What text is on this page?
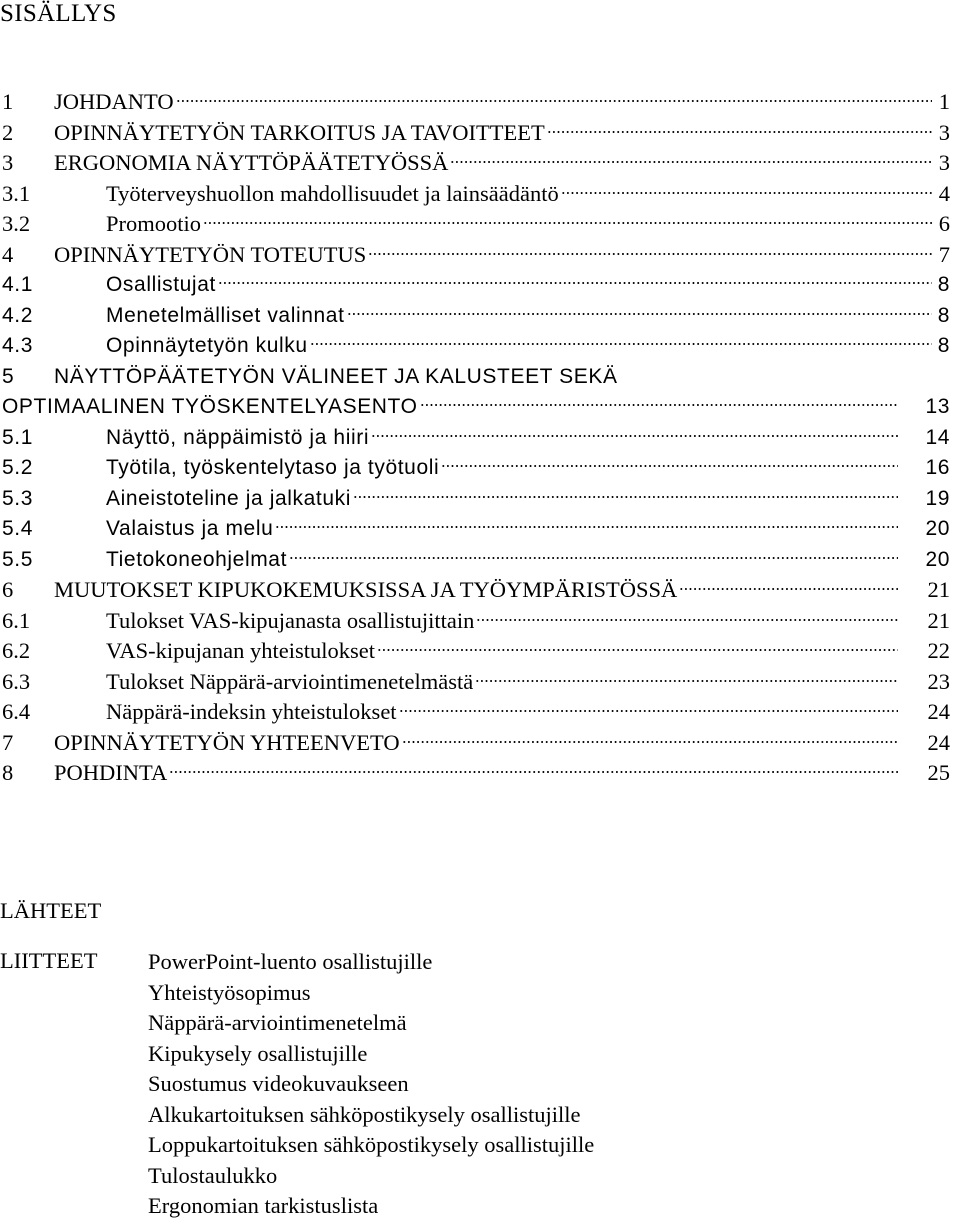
SISÄLLYS
1	JOHDANTO	1
2	OPINNÄYTETYÖN TARKOITUS JA TAVOITTEET	3
3	ERGONOMIA NÄYTTÖPÄÄTETYÖSSÄ	3
3.1	Työterveyshuollon mahdollisuudet ja lainsäädäntö	4
3.2	Promootio	6
4	OPINNÄYTETYÖN TOTEUTUS	7
4.1	Osallistujat	8
4.2	Menetelmälliset valinnat	8
4.3	Opinnäytetyön kulku	8
5	NÄYTTÖPÄÄTETYÖN VÄLINEET JA KALUSTEET SEKÄ
OPTIMAALINEN TYÖSKENTELYASENTO	13
5.1	Näyttö, näppäimistö ja hiiri	14
5.2	Työtila, työskentelytaso ja työtuoli	16
5.3	Aineistoteline ja jalkatuki	19
5.4	Valaistus ja melu	20
5.5	Tietokoneohjelmat	20
6	MUUTOKSET KIPUKOKEMUKSISSA JA TYÖYMPÄRISTÖSSÄ	21
6.1	Tulokset VAS-kipujanasta osallistujittain	21
6.2	VAS-kipujanan yhteistulokset	22
6.3	Tulokset Näppärä-arviointimenetelmästä	23
6.4	Näppärä-indeksin yhteistulokset	24
7	OPINNÄYTETYÖN YHTEENVETO	24
8	POHDINTA	25
LÄHTEET
LIITTEET PowerPoint-luento osallistujille
Yhteistyösopimus
Näppärä-arviointimenetelmä
Kipukysely osallistujille
Suostumus videokuvaukseen
Alkukartoituksen sähköpostikysely osallistujille
Loppukartoituksen sähköpostikysely osallistujille
Tulostaulukko
Ergonomian tarkistuslista
